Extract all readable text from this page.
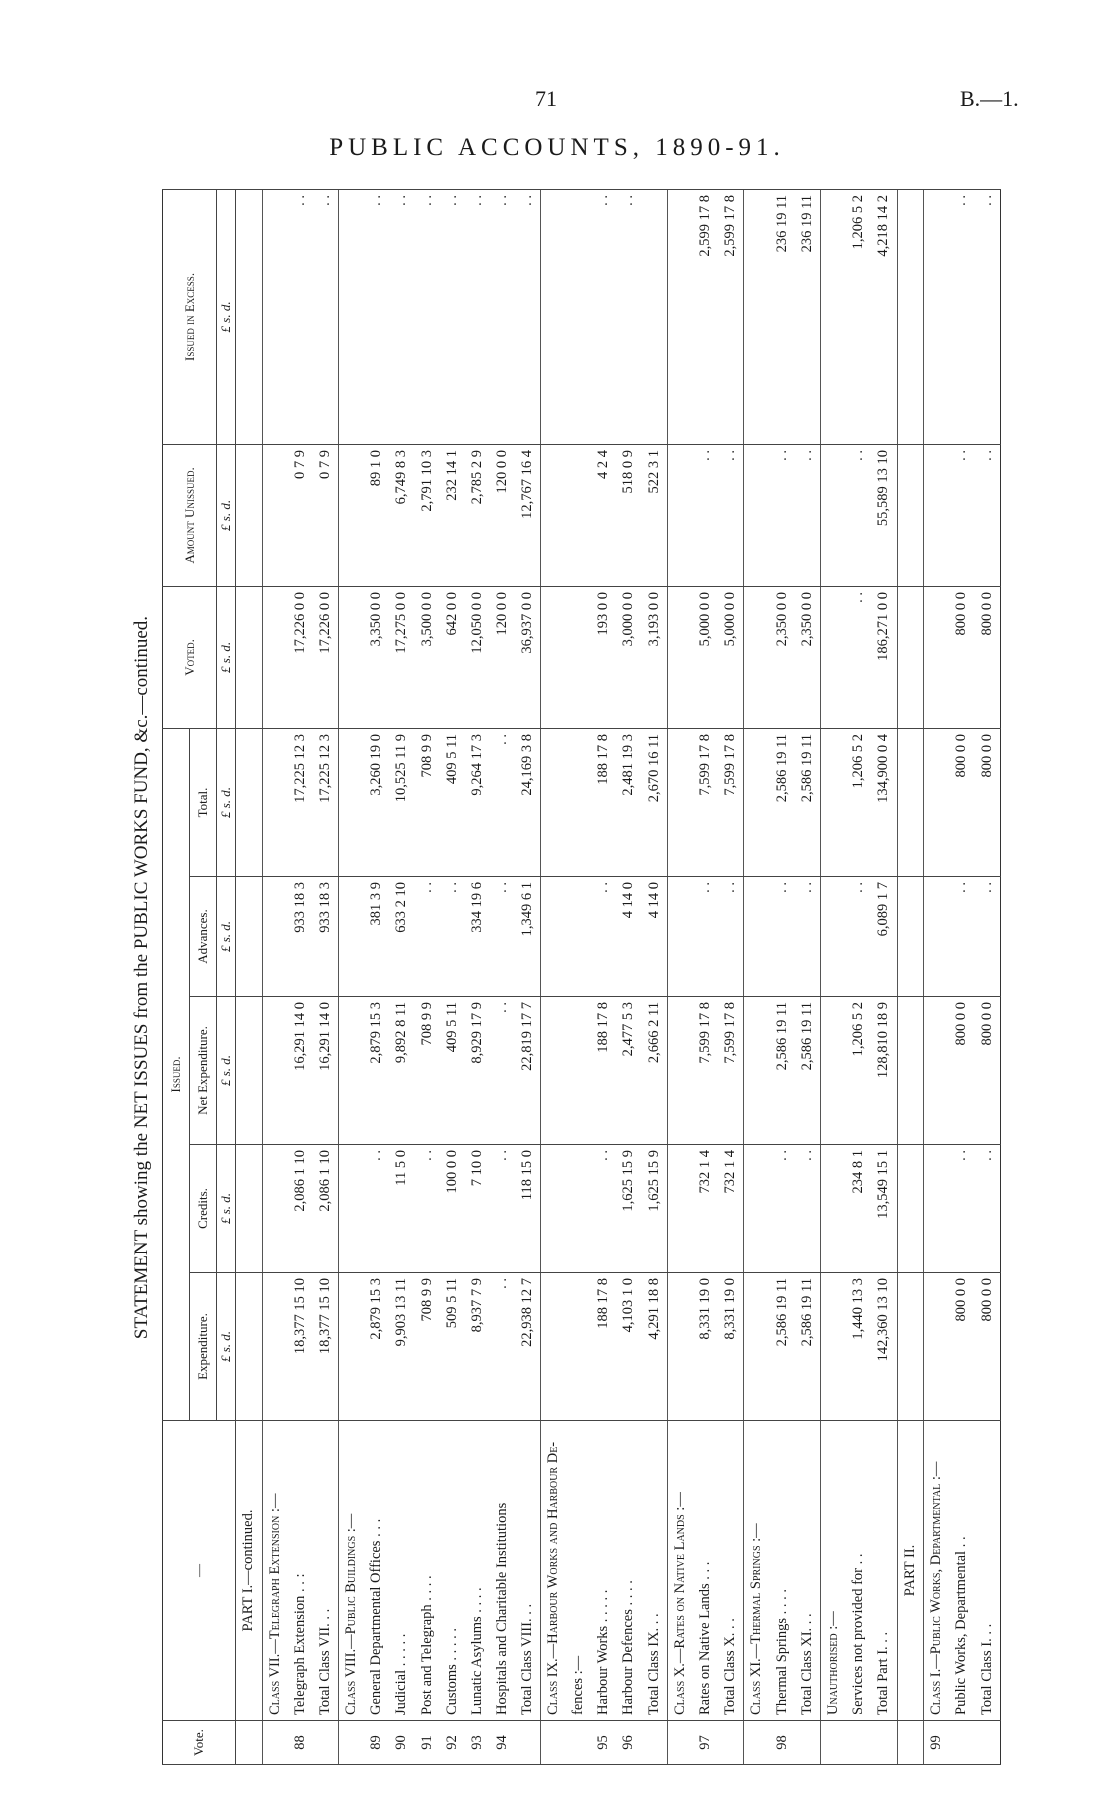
71	B.—1.
PUBLIC ACCOUNTS, 1890-91.
STATEMENT showing the NET ISSUES from the PUBLIC WORKS FUND, &c.—continued.
Vote.	—	Issued.					Voted.	Amount Unissued.	Issued in Excess.
		Expenditure.	Credits.	Net Expenditure.	Advances.	Total.			
		£ s. d.	£ s. d.	£ s. d.	£ s. d.	£ s. d.	£ s. d.	£ s. d.	£ s. d.
	PART I.—continued.								
	Class VII.—Telegraph Extension :—								
88	Telegraph Extension . . :	18,377 15 10	2,086 1 10	16,291 14 0	933 18 3	17,225 12 3	17,226 0 0	0 7 9	. .
	Total Class VII. . .	18,377 15 10	2,086 1 10	16,291 14 0	933 18 3	17,225 12 3	17,226 0 0	0 7 9	. .
	Class VIII.—Public Buildings :—								
89	General Departmental Offices . . .	2,879 15 3	. .	2,879 15 3	381 3 9	3,260 19 0	3,350 0 0	89 1 0	. .
90	Judicial . . . . .	9,903 13 11	11 5 0	9,892 8 11	633 2 10	10,525 11 9	17,275 0 0	6,749 8 3	. .
91	Post and Telegraph . . . .	708 9 9	. .	708 9 9	. .	708 9 9	3,500 0 0	2,791 10 3	. .
92	Customs . . . . .	509 5 11	100 0 0	409 5 11	. .	409 5 11	642 0 0	232 14 1	. .
93	Lunatic Asylums . . . .	8,937 7 9	7 10 0	8,929 17 9	334 19 6	9,264 17 3	12,050 0 0	2,785 2 9	. .
94	Hospitals and Charitable Institutions	. .	. .	. .	. .	. .	120 0 0	120 0 0	. .
	Total Class VIII. . .	22,938 12 7	118 15 0	22,819 17 7	1,349 6 1	24,169 3 8	36,937 0 0	12,767 16 4	. .
	Class IX.—Harbour Works and Harbour De-								
	fences :—								
95	Harbour Works . . . . .	188 17 8	. .	188 17 8	. .	188 17 8	193 0 0	4 2 4	. .
96	Harbour Defences . . . .	4,103 1 0	1,625 15 9	2,477 5 3	4 14 0	2,481 19 3	3,000 0 0	518 0 9	. .
	Total Class IX. . .	4,291 18 8	1,625 15 9	2,666 2 11	4 14 0	2,670 16 11	3,193 0 0	522 3 1	
	Class X.—Rates on Native Lands :—								
97	Rates on Native Lands . . .	8,331 19 0	732 1 4	7,599 17 8	. .	7,599 17 8	5,000 0 0	. .	2,599 17 8
	Total Class X. . .	8,331 19 0	732 1 4	7,599 17 8	. .	7,599 17 8	5,000 0 0	. .	2,599 17 8
	Class XI.—Thermal Springs :—								
98	Thermal Springs . . . .	2,586 19 11	. .	2,586 19 11	. .	2,586 19 11	2,350 0 0	. .	236 19 11
	Total Class XI. . .	2,586 19 11	. .	2,586 19 11	. .	2,586 19 11	2,350 0 0	. .	236 19 11
	Unauthorised :—								
	Services not provided for . .	1,440 13 3	234 8 1	1,206 5 2	. .	1,206 5 2	. .	. .	1,206 5 2
	Total Part I. . .	142,360 13 10	13,549 15 1	128,810 18 9	6,089 1 7	134,900 0 4	186,271 0 0	55,589 13 10	4,218 14 2
	PART II.								
99	Class I.—Public Works, Departmental :—								
	Public Works, Departmental . .	800 0 0	. .	800 0 0	. .	800 0 0	800 0 0	. .	. .
	Total Class I. . .	800 0 0	. .	800 0 0	. .	800 0 0	800 0 0	. .	. .
